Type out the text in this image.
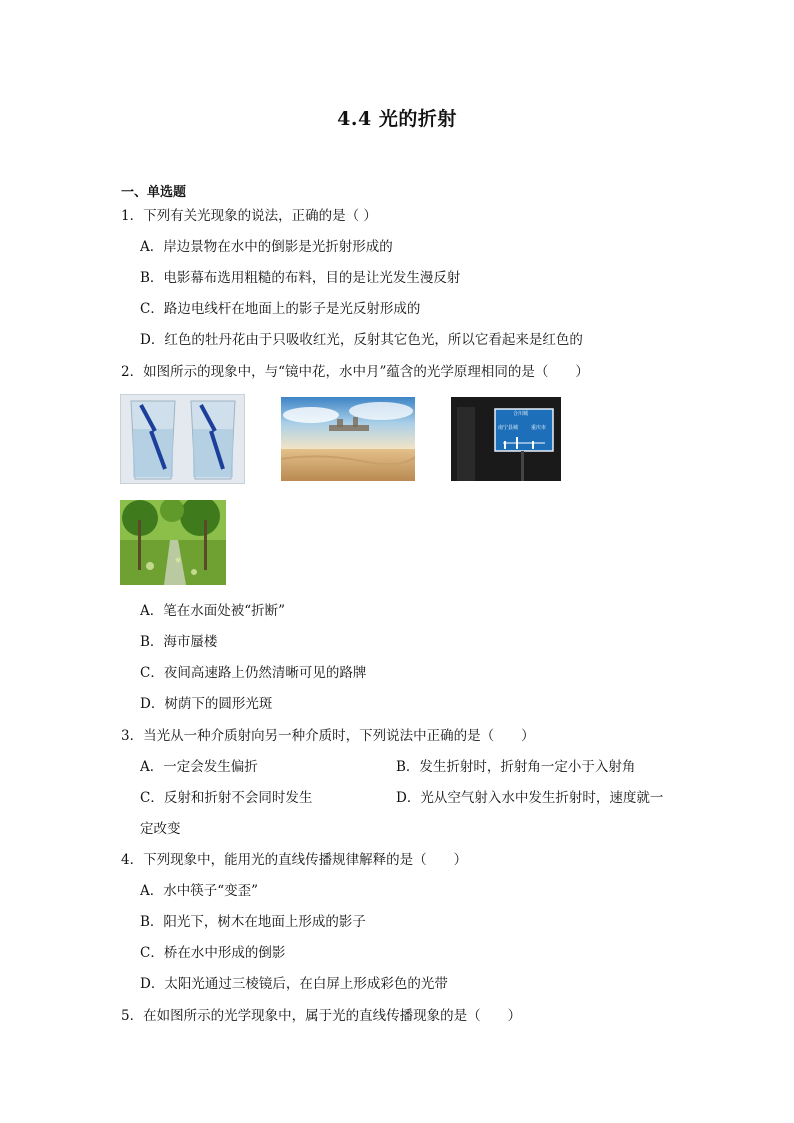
4.4 光的折射
一、单选题
1．下列有关光现象的说法，正确的是（ ）
A．岸边景物在水中的倒影是光折射形成的
B．电影幕布选用粗糙的布料，目的是让光发生漫反射
C．路边电线杆在地面上的影子是光反射形成的
D．红色的牡丹花由于只吸收红光，反射其它色光，所以它看起来是红色的
2．如图所示的现象中，与“镜中花，水中月”蕴含的光学原理相同的是（　　）
合川城
南宁县城	重庆市
A．笔在水面处被“折断”
B．海市蜃楼
C．夜间高速路上仍然清晰可见的路牌
D．树荫下的圆形光斑
3．当光从一种介质射向另一种介质时，下列说法中正确的是（　　）
A．一定会发生偏折	B．发生折射时，折射角一定小于入射角
C．反射和折射不会同时发生	D．光从空气射入水中发生折射时，速度就一
定改变
4．下列现象中，能用光的直线传播规律解释的是（　　）
A．水中筷子“变歪”
B．阳光下，树木在地面上形成的影子
C．桥在水中形成的倒影
D．太阳光通过三棱镜后，在白屏上形成彩色的光带
5．在如图所示的光学现象中，属于光的直线传播现象的是（　　）
